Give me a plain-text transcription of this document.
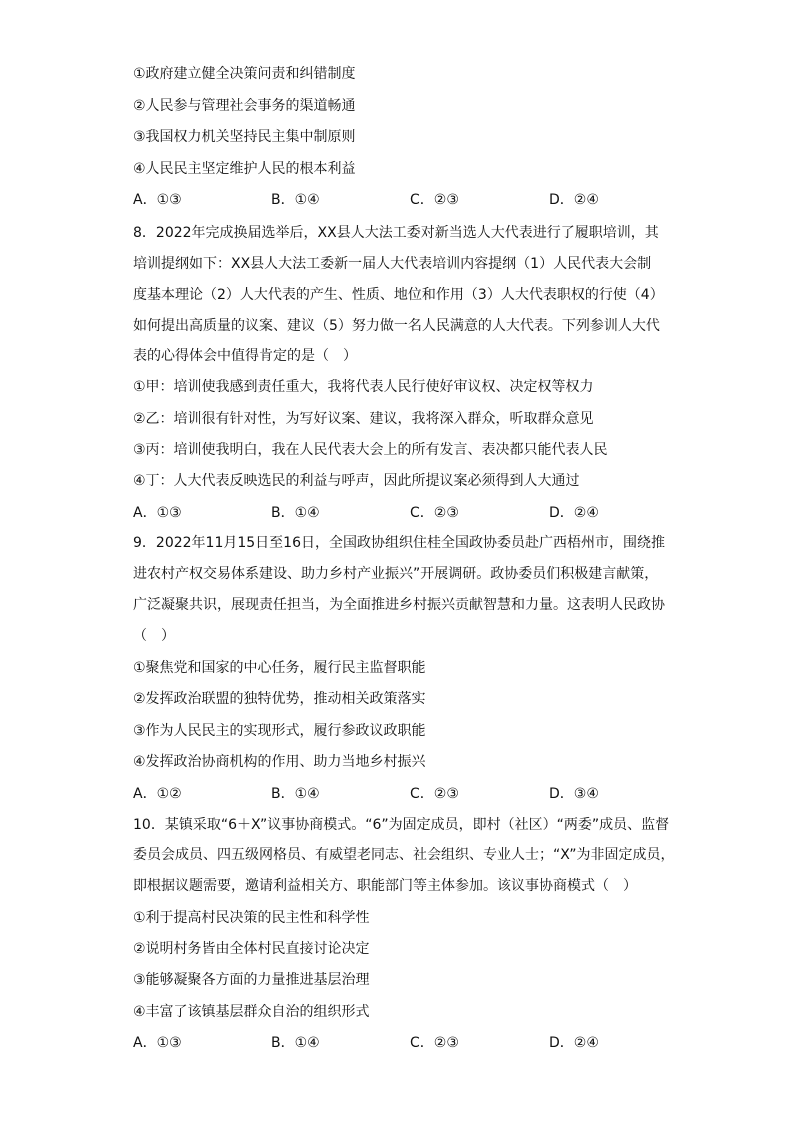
①政府建立健全决策问责和纠错制度
②人民参与管理社会事务的渠道畅通
③我国权力机关坚持民主集中制原则
④人民民主坚定维护人民的根本利益
A．①③	B．①④	C．②③	D．②④
8．2022年完成换届选举后，XX县人大法工委对新当选人大代表进行了履职培训，其
培训提纲如下：XX县人大法工委新一届人大代表培训内容提纲（1）人民代表大会制
度基本理论（2）人大代表的产生、性质、地位和作用（3）人大代表职权的行使（4）
如何提出高质量的议案、建议（5）努力做一名人民满意的人大代表。下列参训人大代
表的心得体会中值得肯定的是（　）
①甲：培训使我感到责任重大，我将代表人民行使好审议权、决定权等权力
②乙：培训很有针对性，为写好议案、建议，我将深入群众，听取群众意见
③丙：培训使我明白，我在人民代表大会上的所有发言、表决都只能代表人民
④丁：人大代表反映选民的利益与呼声，因此所提议案必须得到人大通过
A．①③	B．①④	C．②③	D．②④
9．2022年11月15日至16日，全国政协组织住桂全国政协委员赴广西梧州市，围绕推
进农村产权交易体系建设、助力乡村产业振兴”开展调研。政协委员们积极建言献策，
广泛凝聚共识，展现责任担当，为全面推进乡村振兴贡献智慧和力量。这表明人民政协
（　）
①聚焦党和国家的中心任务，履行民主监督职能
②发挥政治联盟的独特优势，推动相关政策落实
③作为人民民主的实现形式，履行参政议政职能
④发挥政治协商机构的作用、助力当地乡村振兴
A．①②	B．①④	C．②③	D．③④
10．某镇采取“6＋X”议事协商模式。“6”为固定成员，即村（社区）“两委”成员、监督
委员会成员、四五级网格员、有威望老同志、社会组织、专业人士；“X”为非固定成员，
即根据议题需要，邀请利益相关方、职能部门等主体参加。该议事协商模式（　）
①利于提高村民决策的民主性和科学性
②说明村务皆由全体村民直接讨论决定
③能够凝聚各方面的力量推进基层治理
④丰富了该镇基层群众自治的组织形式
A．①③	B．①④	C．②③	D．②④
